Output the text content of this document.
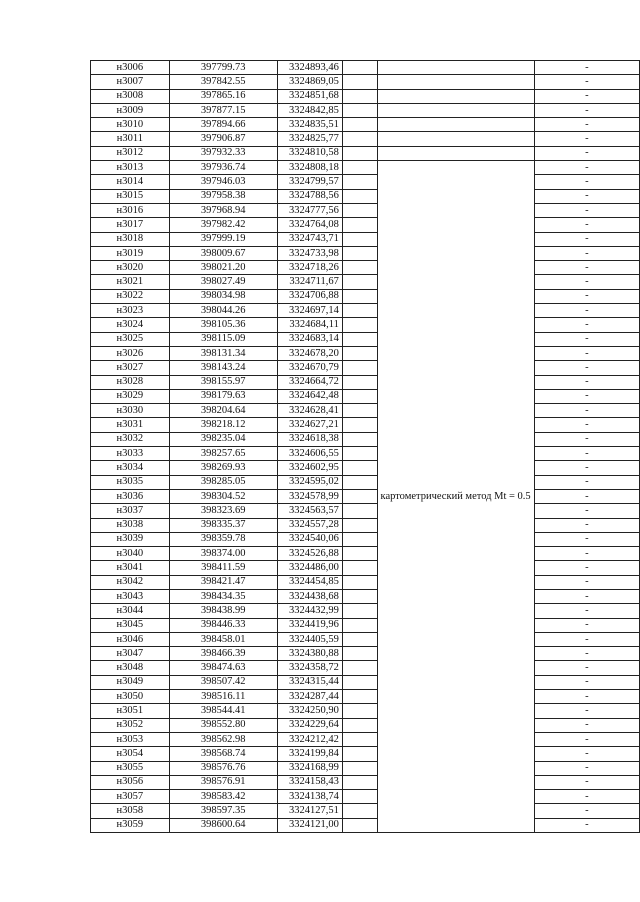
н3006	397799.73	3324893,46			-
н3007	397842.55	3324869,05			-
н3008	397865.16	3324851,68			-
н3009	397877.15	3324842,85			-
н3010	397894.66	3324835,51			-
н3011	397906.87	3324825,77			-
н3012	397932.33	3324810,58			-
н3013	397936.74	3324808,18		картометрический метод Mt = 0.5	-
н3014	397946.03	3324799,57			-
н3015	397958.38	3324788,56			-
н3016	397968.94	3324777,56			-
н3017	397982.42	3324764,08			-
н3018	397999.19	3324743,71			-
н3019	398009.67	3324733,98			-
н3020	398021.20	3324718,26			-
н3021	398027.49	3324711,67			-
н3022	398034.98	3324706,88			-
н3023	398044.26	3324697,14			-
н3024	398105.36	3324684,11			-
н3025	398115.09	3324683,14			-
н3026	398131.34	3324678,20			-
н3027	398143.24	3324670,79			-
н3028	398155.97	3324664,72			-
н3029	398179.63	3324642,48			-
н3030	398204.64	3324628,41			-
н3031	398218.12	3324627,21			-
н3032	398235.04	3324618,38			-
н3033	398257.65	3324606,55			-
н3034	398269.93	3324602,95			-
н3035	398285.05	3324595,02			-
н3036	398304.52	3324578,99			-
н3037	398323.69	3324563,57			-
н3038	398335.37	3324557,28			-
н3039	398359.78	3324540,06			-
н3040	398374.00	3324526,88			-
н3041	398411.59	3324486,00			-
н3042	398421.47	3324454,85			-
н3043	398434.35	3324438,68			-
н3044	398438.99	3324432,99			-
н3045	398446.33	3324419,96			-
н3046	398458.01	3324405,59			-
н3047	398466.39	3324380,88			-
н3048	398474.63	3324358,72			-
н3049	398507.42	3324315,44			-
н3050	398516.11	3324287,44			-
н3051	398544.41	3324250,90			-
н3052	398552.80	3324229,64			-
н3053	398562.98	3324212,42			-
н3054	398568.74	3324199,84			-
н3055	398576.76	3324168,99			-
н3056	398576.91	3324158,43			-
н3057	398583.42	3324138,74			-
н3058	398597.35	3324127,51			-
н3059	398600.64	3324121,00			-
